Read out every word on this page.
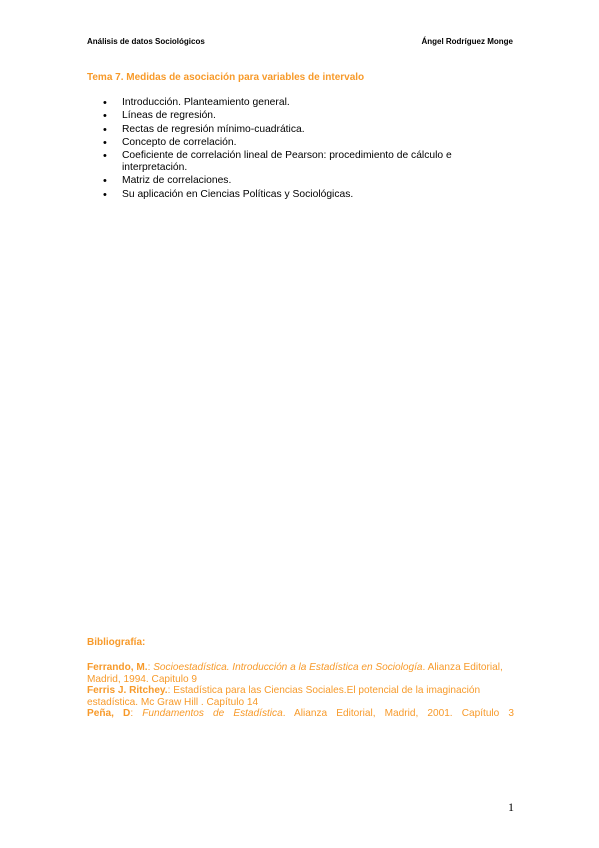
Análisis de datos Sociológicos	Ángel Rodríguez Monge
Tema 7. Medidas de asociación para variables de intervalo
• Introducción. Planteamiento general.
• Líneas de regresión.
• Rectas de regresión mínimo-cuadrática.
• Concepto de correlación.
• Coeficiente de correlación lineal de Pearson: procedimiento de cálculo e interpretación.
• Matriz de correlaciones.
• Su aplicación en Ciencias Políticas y Sociológicas.
Bibliografía:

Ferrando, M.: Socioestadística. Introducción a la Estadística en Sociología. Alianza Editorial, Madrid, 1994. Capitulo 9

Ferris J. Ritchey.: Estadística para las Ciencias Sociales.El potencial de la imaginación estadística. Mc Graw Hill . Capítulo 14

Peña, D: Fundamentos de Estadística. Alianza Editorial, Madrid, 2001. Capítulo 3

1
